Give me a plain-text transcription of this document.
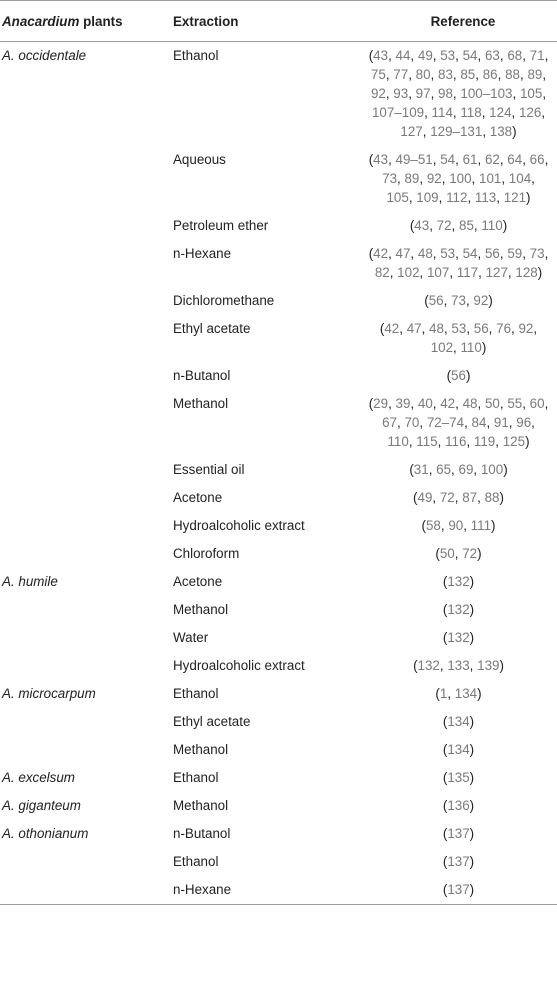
Anacardium plants	Extraction	Reference
A. occidentale	Ethanol	(43, 44, 49, 53, 54, 63, 68, 71, 75, 77, 80, 83, 85, 86, 88, 89, 92, 93, 97, 98, 100–103, 105, 107–109, 114, 118, 124, 126, 127, 129–131, 138)
	Aqueous	(43, 49–51, 54, 61, 62, 64, 66, 73, 89, 92, 100, 101, 104, 105, 109, 112, 113, 121)
	Petroleum ether	(43, 72, 85, 110)
	n-Hexane	(42, 47, 48, 53, 54, 56, 59, 73, 82, 102, 107, 117, 127, 128)
	Dichloromethane	(56, 73, 92)
	Ethyl acetate	(42, 47, 48, 53, 56, 76, 92, 102, 110)
	n-Butanol	(56)
	Methanol	(29, 39, 40, 42, 48, 50, 55, 60, 67, 70, 72–74, 84, 91, 96, 110, 115, 116, 119, 125)
	Essential oil	(31, 65, 69, 100)
	Acetone	(49, 72, 87, 88)
	Hydroalcoholic extract	(58, 90, 111)
	Chloroform	(50, 72)
A. humile	Acetone	(132)
	Methanol	(132)
	Water	(132)
	Hydroalcoholic extract	(132, 133, 139)
A. microcarpum	Ethanol	(1, 134)
	Ethyl acetate	(134)
	Methanol	(134)
A. excelsum	Ethanol	(135)
A. giganteum	Methanol	(136)
A. othonianum	n-Butanol	(137)
	Ethanol	(137)
	n-Hexane	(137)
